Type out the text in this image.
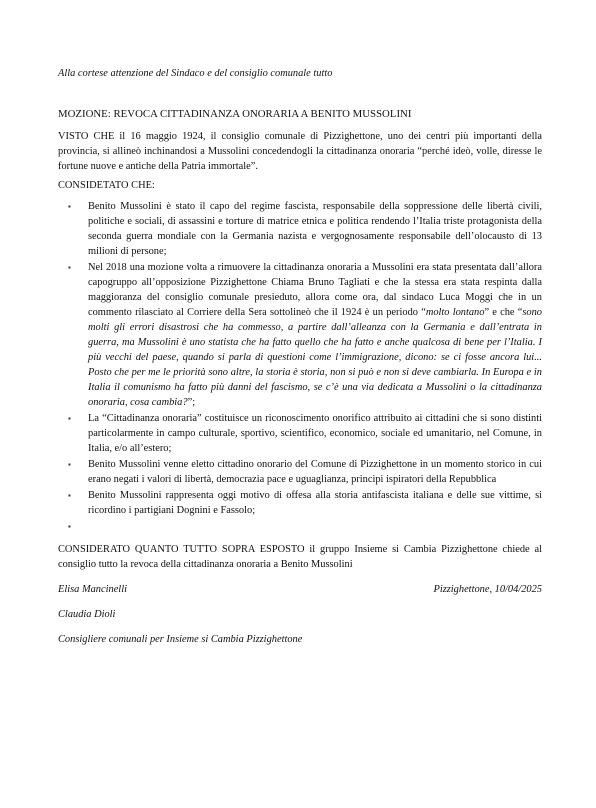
Alla cortese attenzione del Sindaco e del consiglio comunale tutto

MOZIONE: REVOCA CITTADINANZA ONORARIA A BENITO MUSSOLINI

VISTO CHE il 16 maggio 1924, il consiglio comunale di Pizzighettone, uno dei centri più importanti della provincia, si allineò inchinandosi a Mussolini concedendogli la cittadinanza onoraria “perché ideò, volle, diresse le fortune nuove e antiche della Patria immortale”.

CONSIDETATO CHE:
▪ Benito Mussolini è stato il capo del regime fascista, responsabile della soppressione delle libertà civili, politiche e sociali, di assassini e torture di matrice etnica e politica rendendo l’Italia triste protagonista della seconda guerra mondiale con la Germania nazista e vergognosamente responsabile dell’olocausto di 13 milioni di persone;
▪ Nel 2018 una mozione volta a rimuovere la cittadinanza onoraria a Mussolini era stata presentata dall’allora capogruppo all’opposizione Pizzighettone Chiama Bruno Tagliati e che la stessa era stata respinta dalla maggioranza del consiglio comunale presieduto, allora come ora, dal sindaco Luca Moggi che in un commento rilasciato al Corriere della Sera sottolineò che il 1924 è un periodo “molto lontano” e che “sono molti gli errori disastrosi che ha commesso, a partire dall’alleanza con la Germania e dall’entrata in guerra, ma Mussolini è uno statista che ha fatto quello che ha fatto e anche qualcosa di bene per l’Italia. I più vecchi del paese, quando si parla di questioni come l’immigrazione, dicono: se ci fosse ancora lui... Posto che per me le priorità sono altre, la storia è storia, non si può e non si deve cambiarla. In Europa e in Italia il comunismo ha fatto più danni del fascismo, se c’è una via dedicata a Mussolini o la cittadinanza onoraria, cosa cambia?”;
▪ La “Cittadinanza onoraria” costituisce un riconoscimento onorifico attribuito ai cittadini che si sono distinti particolarmente in campo culturale, sportivo, scientifico, economico, sociale ed umanitario, nel Comune, in Italia, e/o all’estero;
▪ Benito Mussolini venne eletto cittadino onorario del Comune di Pizzighettone in un momento storico in cui erano negati i valori di libertà, democrazia pace e uguaglianza, principi ispiratori della Repubblica
▪ Benito Mussolini rappresenta oggi motivo di offesa alla storia antifascista italiana e delle sue vittime, si ricordino i partigiani Dognini e Fassolo;
▪

CONSIDERATO QUANTO TUTTO SOPRA ESPOSTO il gruppo Insieme si Cambia Pizzighettone chiede al consiglio tutto la revoca della cittadinanza onoraria a Benito Mussolini

Elisa Mancinelli	Pizzighettone, 10/04/2025
Claudia Dioli
Consigliere comunali per Insieme si Cambia Pizzighettone
